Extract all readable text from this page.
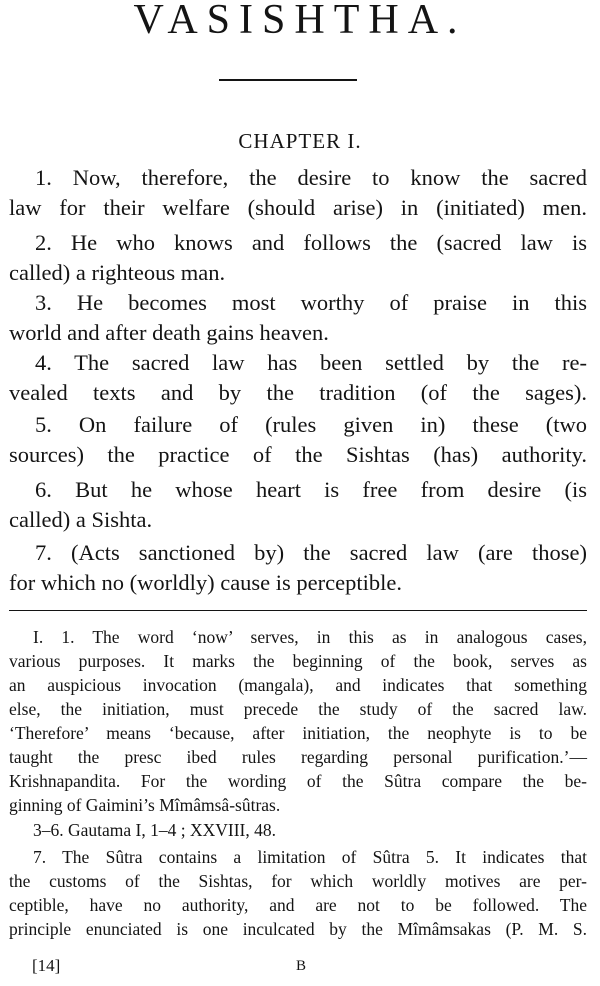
VASISHTHA.
CHAPTER I.
1. Now, therefore, the desire to know the sacred
law for their welfare (should arise) in (initiated) men.
2. He who knows and follows the (sacred law is
called) a righteous man.
3. He becomes most worthy of praise in this
world and after death gains heaven.
4. The sacred law has been settled by the re-
vealed texts and by the tradition (of the sages).
5. On failure of (rules given in) these (two
sources) the practice of the Sishtas (has) authority.
6. But he whose heart is free from desire (is
called) a Sishta.
7. (Acts sanctioned by) the sacred law (are those)
for which no (worldly) cause is perceptible.
I. 1. The word ‘now’ serves, in this as in analogous cases,
various purposes. It marks the beginning of the book, serves as
an auspicious invocation (mangala), and indicates that something
else, the initiation, must precede the study of the sacred law.
‘Therefore’ means ‘because, after initiation, the neophyte is to be
taught the presc ibed rules regarding personal purification.’—
Krishnapandita. For the wording of the Sûtra compare the be-
ginning of Gaimini’s Mîmâmsâ-sûtras.
3–6. Gautama I, 1–4 ; XXVIII, 48.
7. The Sûtra contains a limitation of Sûtra 5. It indicates that
the customs of the Sishtas, for which worldly motives are per-
ceptible, have no authority, and are not to be followed. The
principle enunciated is one inculcated by the Mîmâmsakas (P. M. S.
[14]	B
